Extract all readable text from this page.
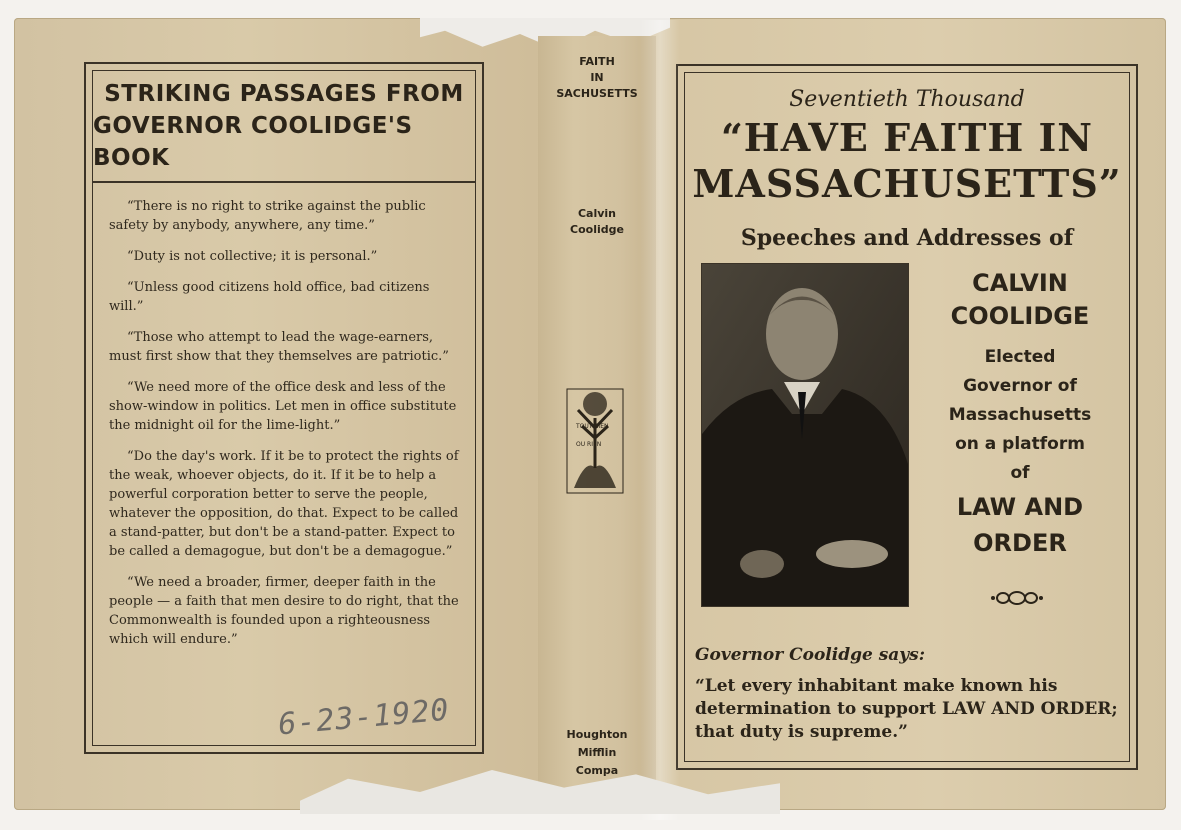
STRIKING PASSAGES FROM
GOVERNOR COOLIDGE'S BOOK

“There is no right to strike against the public safety by anybody, anywhere, any time.”

“Duty is not collective; it is personal.”

“Unless good citizens hold office, bad citizens will.”

“Those who attempt to lead the wage-earners, must first show that they themselves are patriotic.”

“We need more of the office desk and less of the show-window in politics. Let men in office substitute the midnight oil for the lime-light.”

“Do the day's work. If it be to protect the rights of the weak, whoever objects, do it. If it be to help a powerful corporation better to serve the people, whatever the opposition, do that. Expect to be called a stand-patter, but don't be a stand-patter. Expect to be called a demagogue, but don't be a demagogue.”

“We need a broader, firmer, deeper faith in the people — a faith that men desire to do right, that the Commonwealth is founded upon a righteousness which will endure.”

6-23-1920
FAITH
IN
SACHUSETTS
Calvin
Coolidge
TOUT BIEN
OU RIEN
Houghton
Mifflin
Compa
Seventieth Thousand
“HAVE FAITH IN
MASSACHUSETTS”
Speeches and Addresses of
CALVIN
COOLIDGE
Elected
Governor of
Massachusetts
on a platform
of
LAW AND
ORDER
Governor Coolidge says:
“Let every inhabitant make known his determination to support LAW AND ORDER; that duty is supreme.”
